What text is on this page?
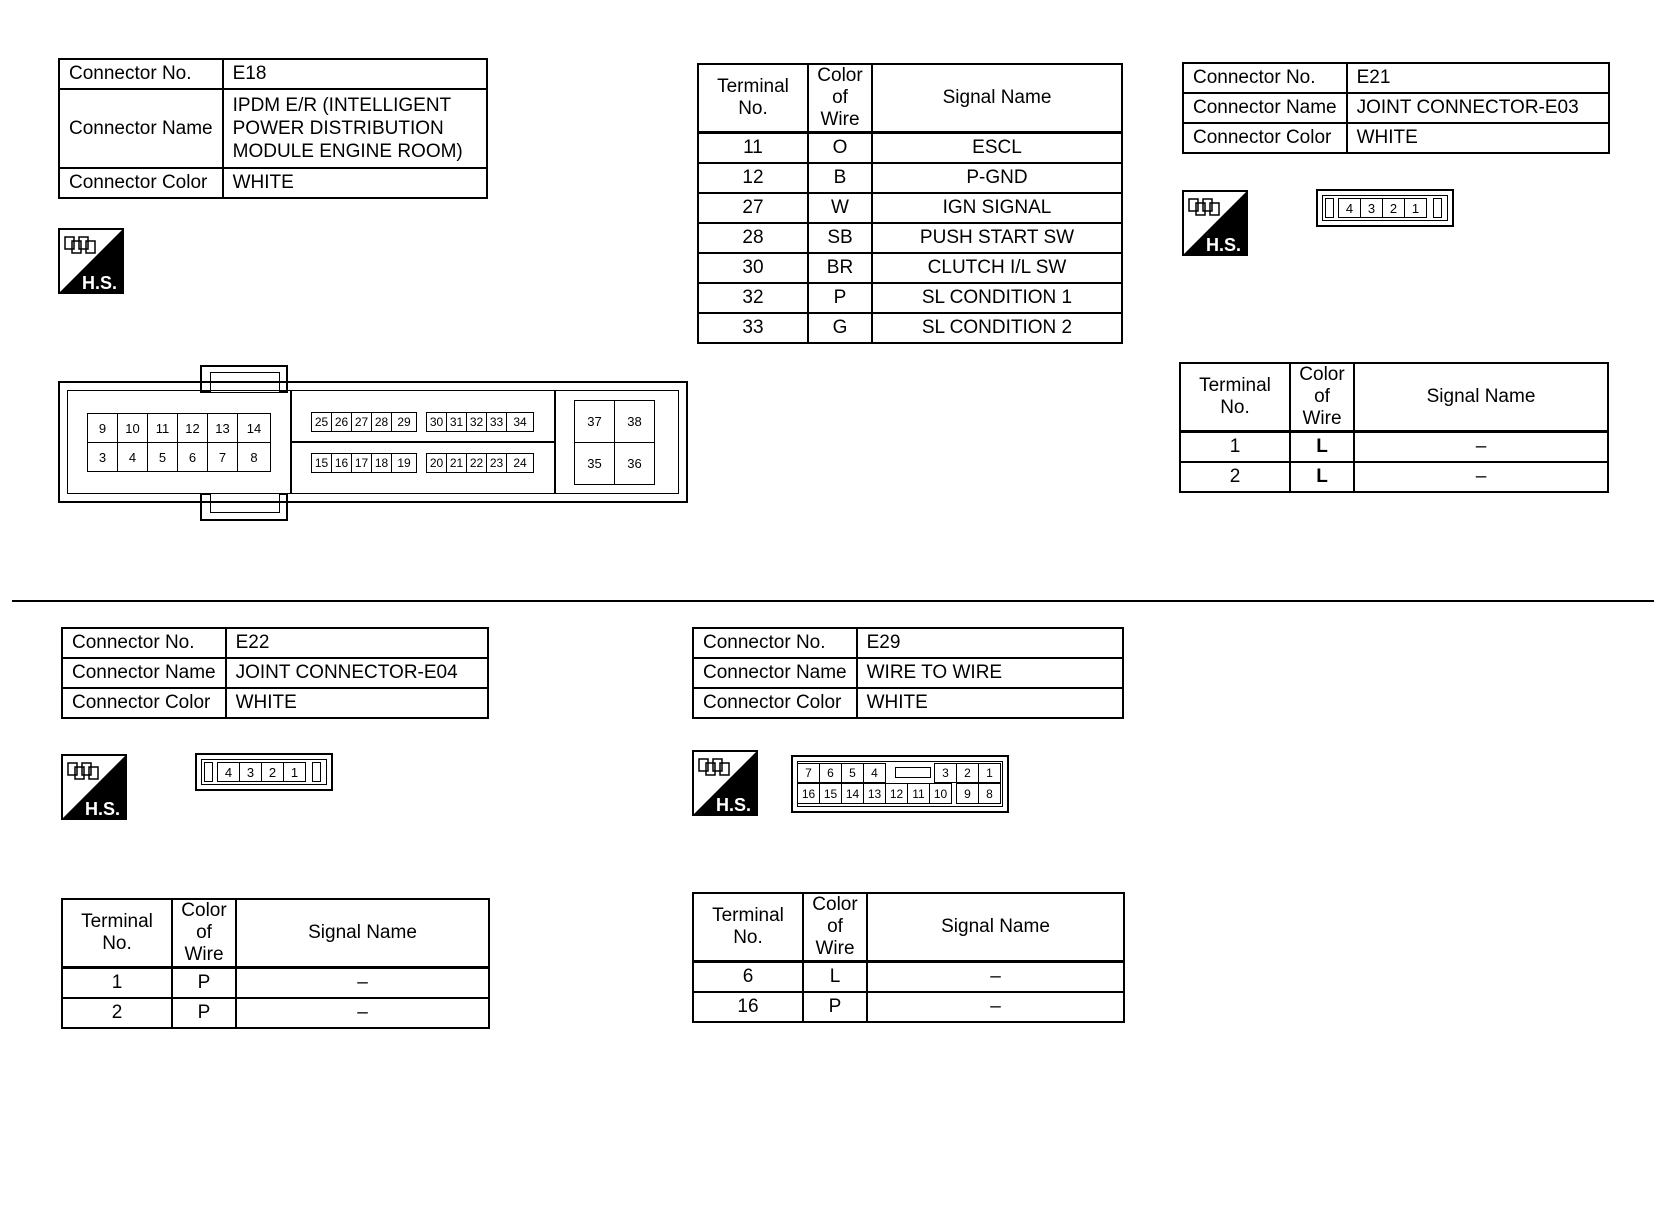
Connector No.	E18
Connector Name	IPDM E/R (INTELLIGENT
POWER DISTRIBUTION
MODULE ENGINE ROOM)

Connector Color	WHITE
H.S.
9	10	11	12	13	14
3	4	5	6	7	8
25 26 27 28 29	30 31 32 33 34
15 16 17 18 19	20 21 22 23 24
37	38
35	36
Terminal No.	Color of Wire	Signal Name
11	O	ESCL
12	B	P-GND
27	W	IGN SIGNAL
28	SB	PUSH START SW
30	BR	CLUTCH I/L SW
32	P	SL CONDITION 1
33	G	SL CONDITION 2
Connector No.	E21
Connector Name	JOINT CONNECTOR-E03
Connector Color	WHITE
H.S.
4	3	2	1
Terminal No.	Color of Wire	Signal Name
1	L	–
2	L	–
Connector No.	E22
Connector Name	JOINT CONNECTOR-E04
Connector Color	WHITE
H.S.
4	3	2	1
Terminal No.	Color of Wire	Signal Name
1	P	–
2	P	–
Connector No.	E29
Connector Name	WIRE TO WIRE
Connector Color	WHITE
H.S.
7	6	5	4	3	2	1
16 15 14 13 12 11 10	9	8
Terminal No.	Color of Wire	Signal Name
6	L	–
16	P	–
